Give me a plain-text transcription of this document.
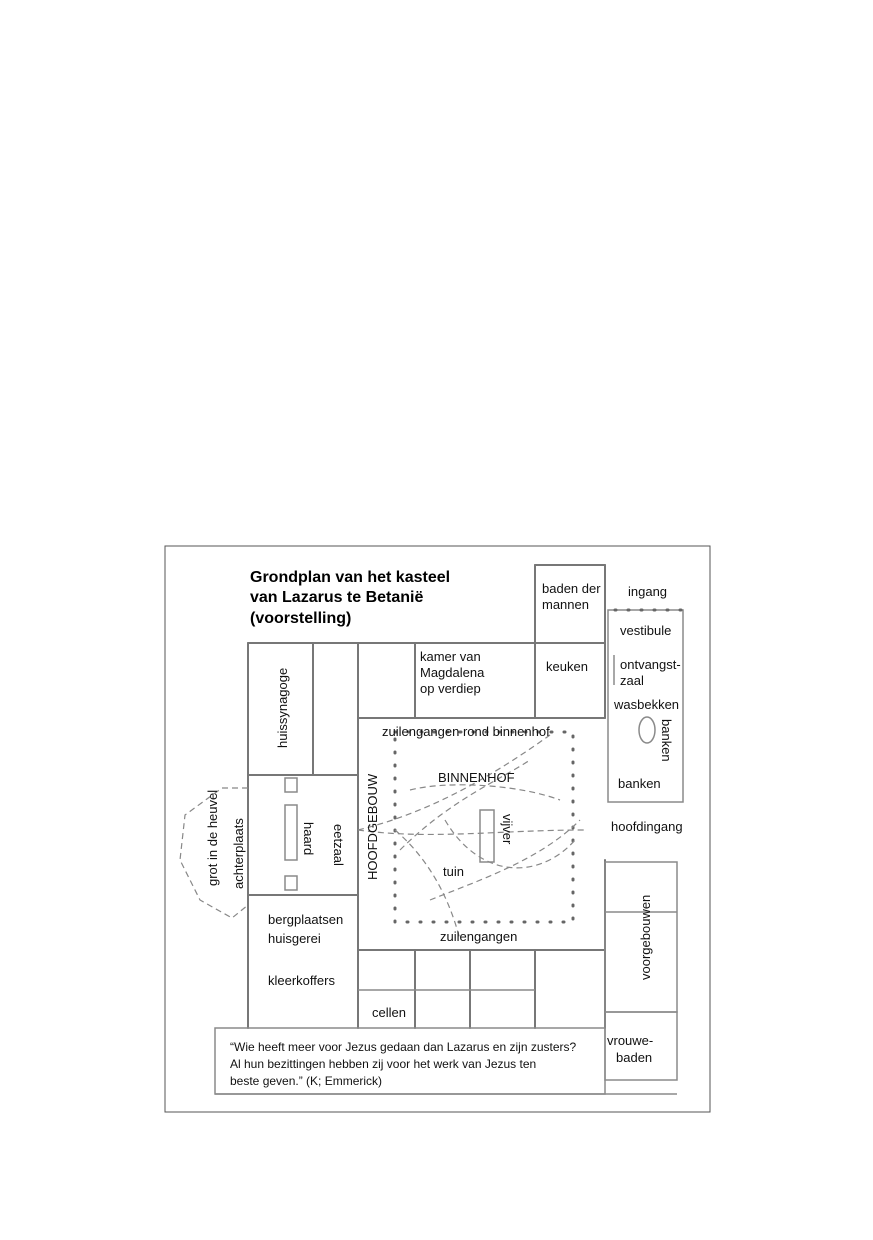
Grondplan van het kasteel
van Lazarus te Betanië
(voorstelling)
baden der
mannen
ingang
vestibule
ontvangst-
zaal
keuken
kamer van
Magdalena
op verdiep
huissynagoge	wasbekken
banken
banken
zuilengangen rond binnenhof
BINNENHOF
HOOFDGEBOUW
haard eetzaal	vijver
tuin
hoofdingang
grot in de heuvel achterplaats
bergplaatsen
huisgerei	zuilengangen	voorgebouwen
kleerkoffers
cellen
vrouwe-
baden
“Wie heeft meer voor Jezus gedaan dan Lazarus en zijn zusters?
Al hun bezittingen hebben zij voor het werk van Jezus ten
beste geven.” (K; Emmerick)
